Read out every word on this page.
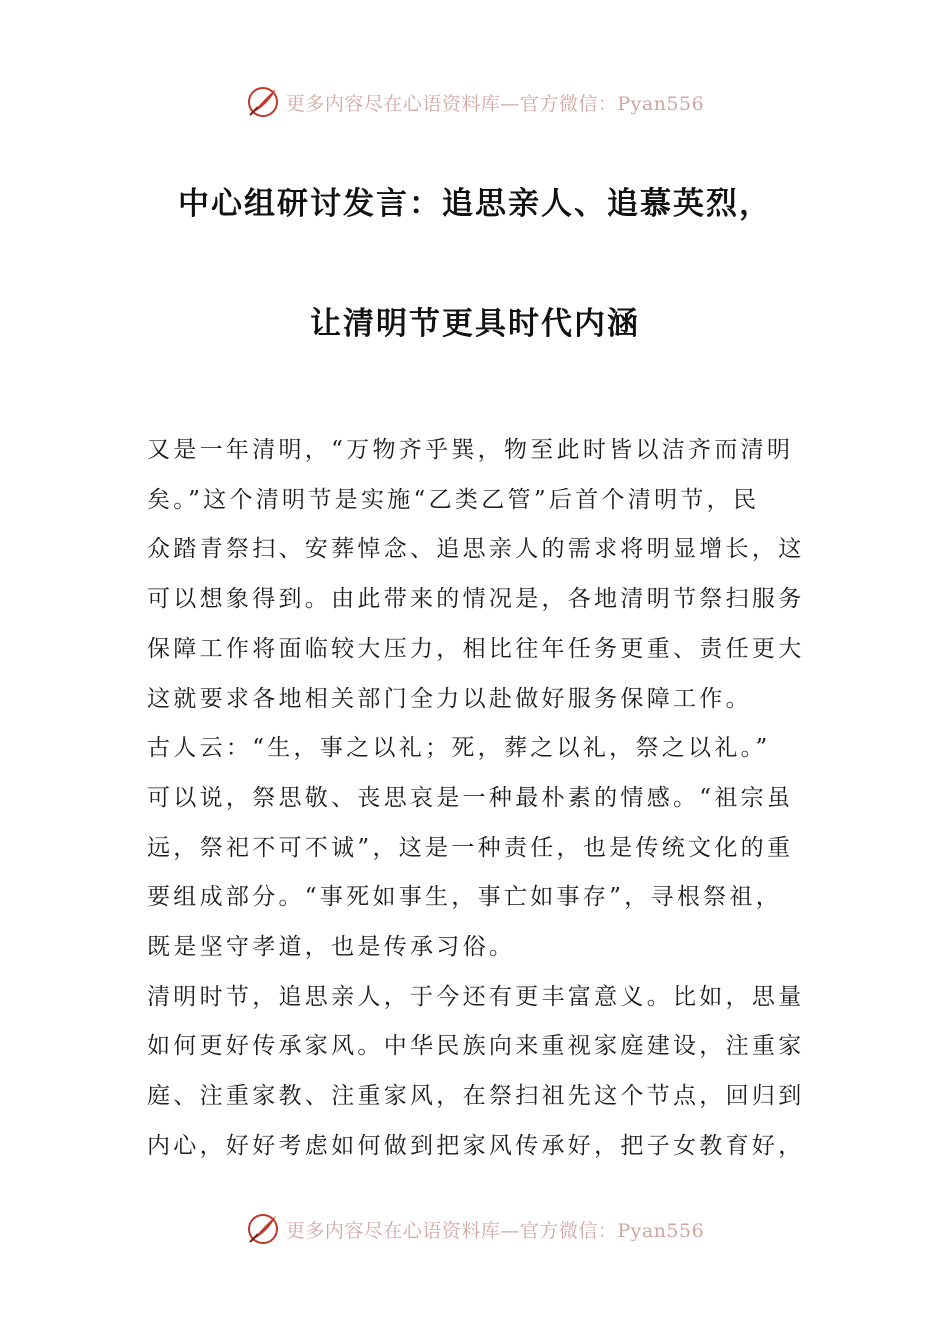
更多内容尽在心语资料库—官方微信：Pyan556
中心组研讨发言：追思亲人、追慕英烈，
让清明节更具时代内涵

又是一年清明，“万物齐乎巽，物至此时皆以洁齐而清明
矣。”这个清明节是实施“乙类乙管”后首个清明节，民
众踏青祭扫、安葬悼念、追思亲人的需求将明显增长，这
可以想象得到。由此带来的情况是，各地清明节祭扫服务
保障工作将面临较大压力，相比往年任务更重、责任更大
这就要求各地相关部门全力以赴做好服务保障工作。

古人云：“生，事之以礼；死，葬之以礼，祭之以礼。”
可以说，祭思敬、丧思哀是一种最朴素的情感。“祖宗虽
远，祭祀不可不诚”，这是一种责任，也是传统文化的重
要组成部分。“事死如事生，事亡如事存”，寻根祭祖，
既是坚守孝道，也是传承习俗。

清明时节，追思亲人，于今还有更丰富意义。比如，思量
如何更好传承家风。中华民族向来重视家庭建设，注重家
庭、注重家教、注重家风，在祭扫祖先这个节点，回归到
内心，好好考虑如何做到把家风传承好，把子女教育好，

更多内容尽在心语资料库—官方微信：Pyan556
